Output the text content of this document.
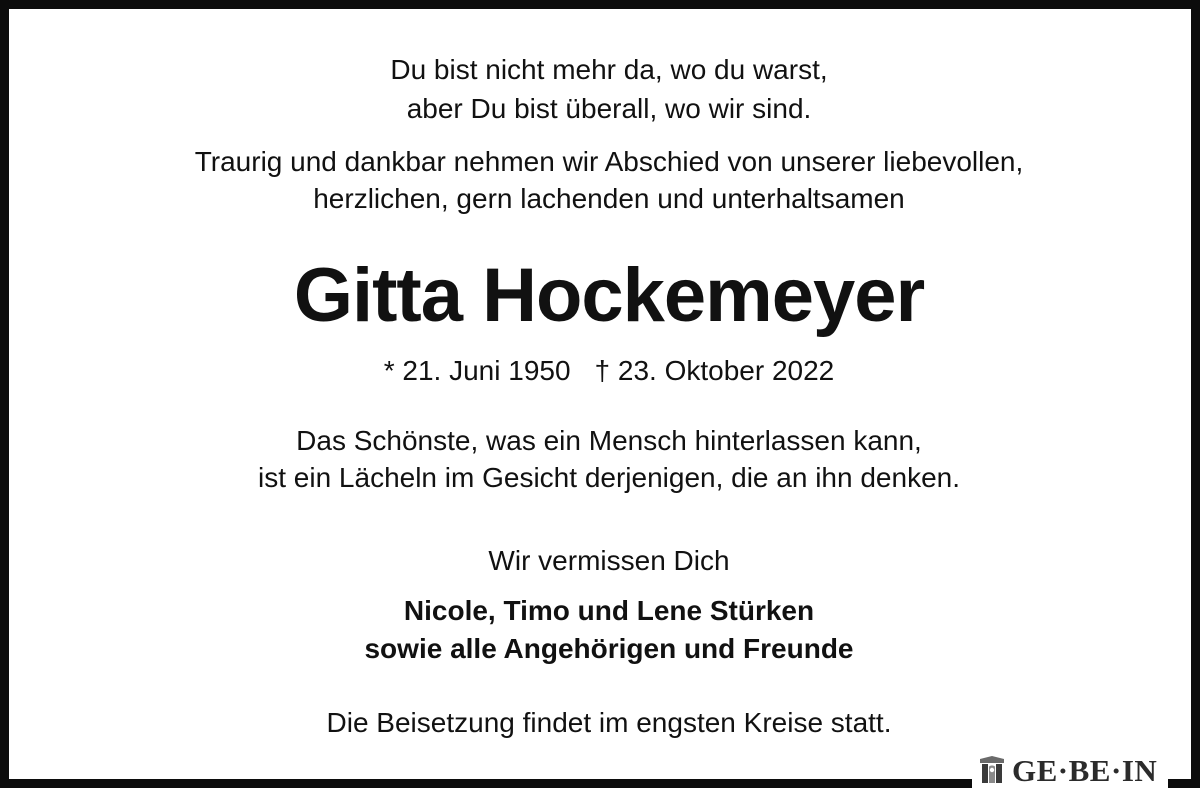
Du bist nicht mehr da, wo du warst,
aber Du bist überall, wo wir sind.
Traurig und dankbar nehmen wir Abschied von unserer liebevollen,
herzlichen, gern lachenden und unterhaltsamen
Gitta Hockemeyer
* 21. Juni 1950 † 23. Oktober 2022
Das Schönste, was ein Mensch hinterlassen kann,
ist ein Lächeln im Gesicht derjenigen, die an ihn denken.
Wir vermissen Dich
Nicole, Timo und Lene Stürken
sowie alle Angehörigen und Freunde
Die Beisetzung findet im engsten Kreise statt.
GE·BE·IN
